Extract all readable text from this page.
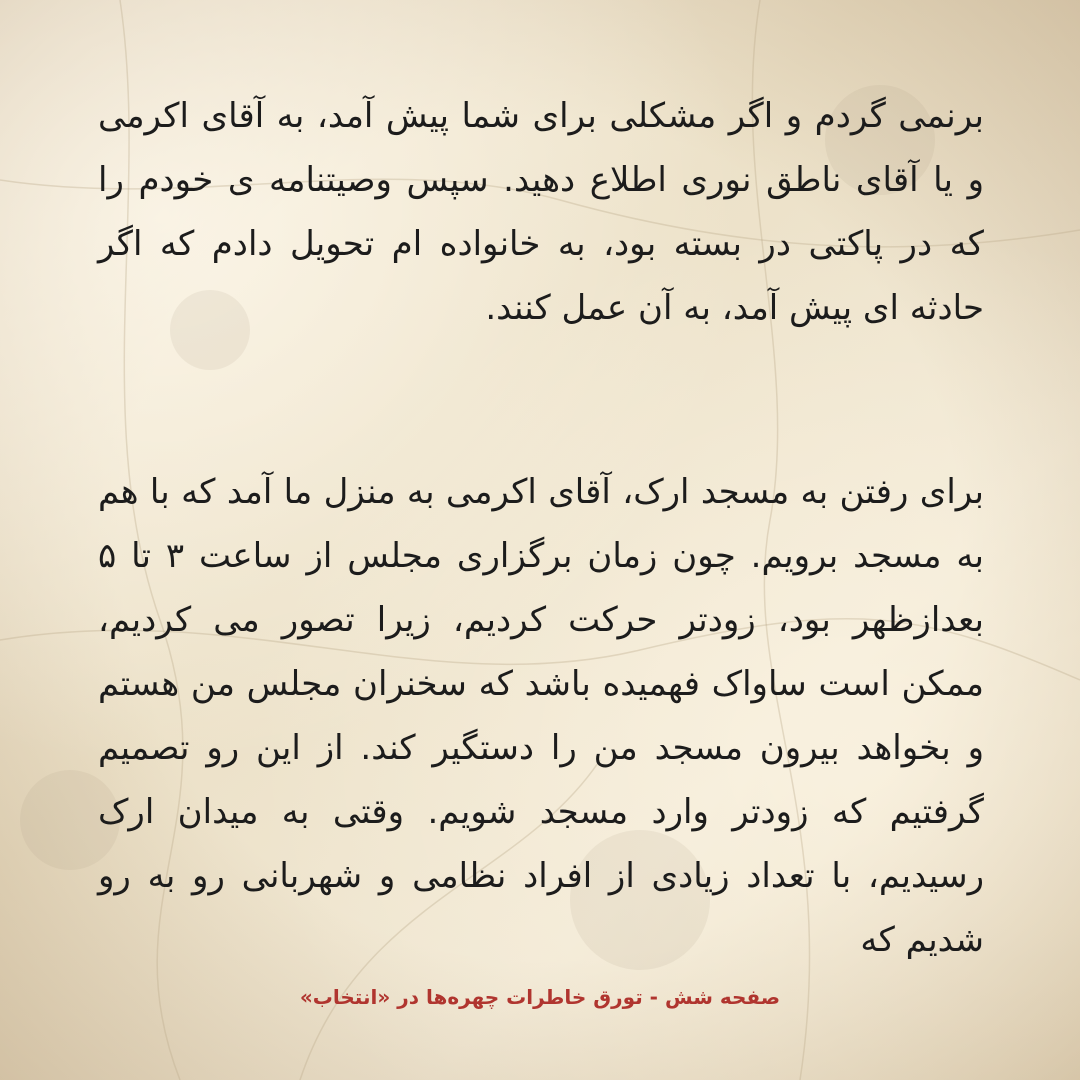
برنمی گردم و اگر مشکلی برای شما پیش آمد، به آقای اکرمی و یا آقای ناطق نوری اطلاع دهید. سپس وصیتنامه ی خودم را که در پاکتی در بسته بود، به خانواده ام تحویل دادم که اگر حادثه ای پیش آمد، به آن عمل کنند.

برای رفتن به مسجد ارک، آقای اکرمی به منزل ما آمد که با هم به مسجد برویم. چون زمان برگزاری مجلس از ساعت ۳ تا ۵ بعدازظهر بود، زودتر حرکت کردیم، زیرا تصور می کردیم، ممکن است ساواک فهمیده باشد که سخنران مجلس من هستم و بخواهد بیرون مسجد من را دستگیر کند. از این رو تصمیم گرفتیم که زودتر وارد مسجد شویم. وقتی به میدان ارک رسیدیم، با تعداد زیادی از افراد نظامی و شهربانی رو به رو شدیم که

صفحه شش - تورق خاطرات چهره‌ها در «انتخاب»
